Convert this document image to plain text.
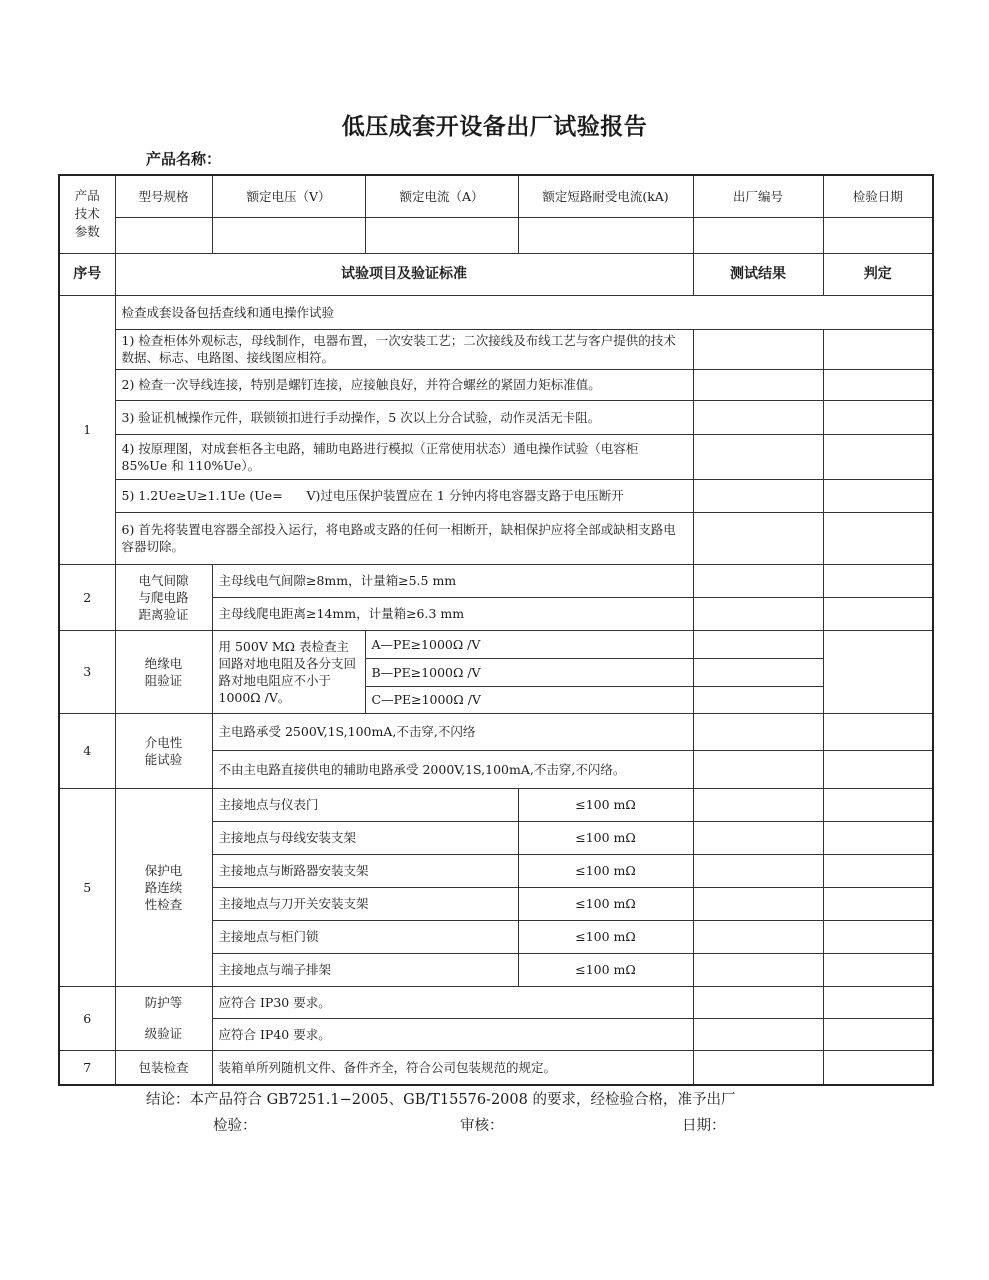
低压成套开设备出厂试验报告
产品名称：
产品
技术
参数	型号规格	额定电压（V）	额定电流（A）	额定短路耐受电流(kA)	出厂编号	检验日期

序号	试验项目及验证标准				测试结果	判定
1	检查成套设备包括查线和通电操作试验					
	1) 检查柜体外观标志，母线制作，电器布置，一次安装工艺；二次接线及布线工艺与客户提供的技术数据、标志、电路图、接线图应相符。					
	2) 检查一次导线连接，特别是螺钉连接，应接触良好，并符合螺丝的紧固力矩标准值。					
	3) 验证机械操作元件，联锁锁扣进行手动操作，5 次以上分合试验，动作灵活无卡阻。					
	4) 按原理图，对成套柜各主电路，辅助电路进行模拟（正常使用状态）通电操作试验（电容柜 85%Ue 和 110%Ue）。					
	5) 1.2Ue≥U≥1.1Ue (Ue=      V)过电压保护装置应在 1 分钟内将电容器支路于电压断开					
	6) 首先将装置电容器全部投入运行，将电路或支路的任何一相断开，缺相保护应将全部或缺相支路电容器切除。					
2	电气间隙
与爬电路
距离验证	主母线电气间隙≥8mm，计量箱≥5.5 mm				
		主母线爬电距离≥14mm，计量箱≥6.3 mm				
3	绝缘电
阻验证	用 500V MΩ 表检查主回路对地电阻及各分支回路对地电阻应不小于 1000Ω /V。	A—PE≥1000Ω /V			
			B—PE≥1000Ω /V			
			C—PE≥1000Ω /V			
4	介电性
能试验	主电路承受 2500V,1S,100mA,不击穿,不闪络				
		不由主电路直接供电的辅助电路承受 2000V,1S,100mA,不击穿,不闪络。				
5	保护电
路连续
性检查	主接地点与仪表门		≤100 mΩ		
		主接地点与母线安装支架		≤100 mΩ		
		主接地点与断路器安装支架		≤100 mΩ		
		主接地点与刀开关安装支架		≤100 mΩ		
		主接地点与柜门锁		≤100 mΩ		
		主接地点与端子排架		≤100 mΩ		
6	防护等	应符合 IP30 要求。				
	级验证	应符合 IP40 要求。				
7	包装检查	装箱单所列随机文件、备件齐全，符合公司包装规范的规定。				
结论：本产品符合 GB7251.1−2005、GB/T15576-2008 的要求，经检验合格，准予出厂
检验：	审核：	日期：
